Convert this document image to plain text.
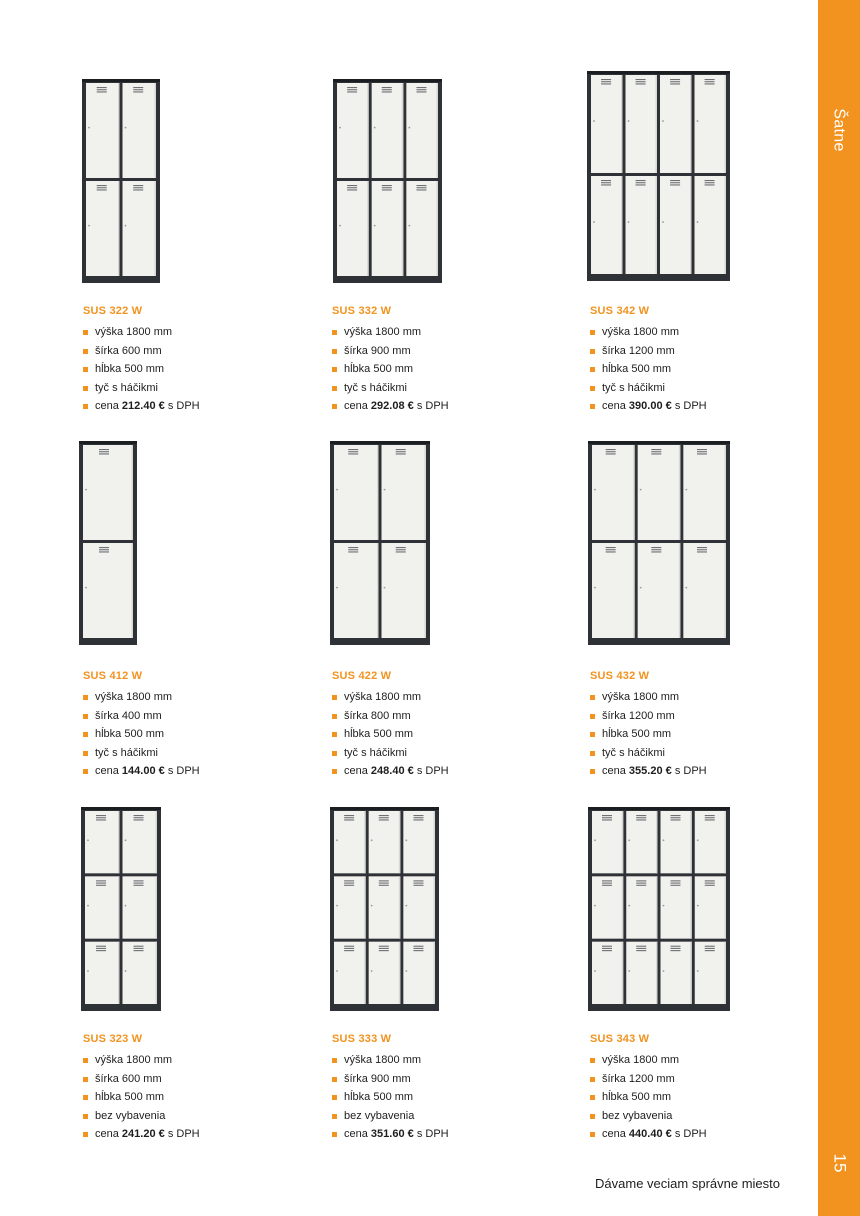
Šatne
15
SUS 322 W
výška 1800 mm
šírka 600 mm
hĺbka 500 mm
tyč s háčikmi
cena 212.40 € s DPH
SUS 332 W
výška 1800 mm
šírka 900 mm
hĺbka 500 mm
tyč s háčikmi
cena 292.08 € s DPH
SUS 342 W
výška 1800 mm
šírka 1200 mm
hĺbka 500 mm
tyč s háčikmi
cena 390.00 € s DPH
SUS 412 W
výška 1800 mm
šírka 400 mm
hĺbka 500 mm
tyč s háčikmi
cena 144.00 € s DPH
SUS 422 W
výška 1800 mm
šírka 800 mm
hĺbka 500 mm
tyč s háčikmi
cena 248.40 € s DPH
SUS 432 W
výška 1800 mm
šírka 1200 mm
hĺbka 500 mm
tyč s háčikmi
cena 355.20 € s DPH
SUS 323 W
výška 1800 mm
šírka 600 mm
hĺbka 500 mm
bez vybavenia
cena 241.20 € s DPH
SUS 333 W
výška 1800 mm
šírka 900 mm
hĺbka 500 mm
bez vybavenia
cena 351.60 € s DPH
SUS 343 W
výška 1800 mm
šírka 1200 mm
hĺbka 500 mm
bez vybavenia
cena 440.40 € s DPH
Dávame veciam správne miesto
